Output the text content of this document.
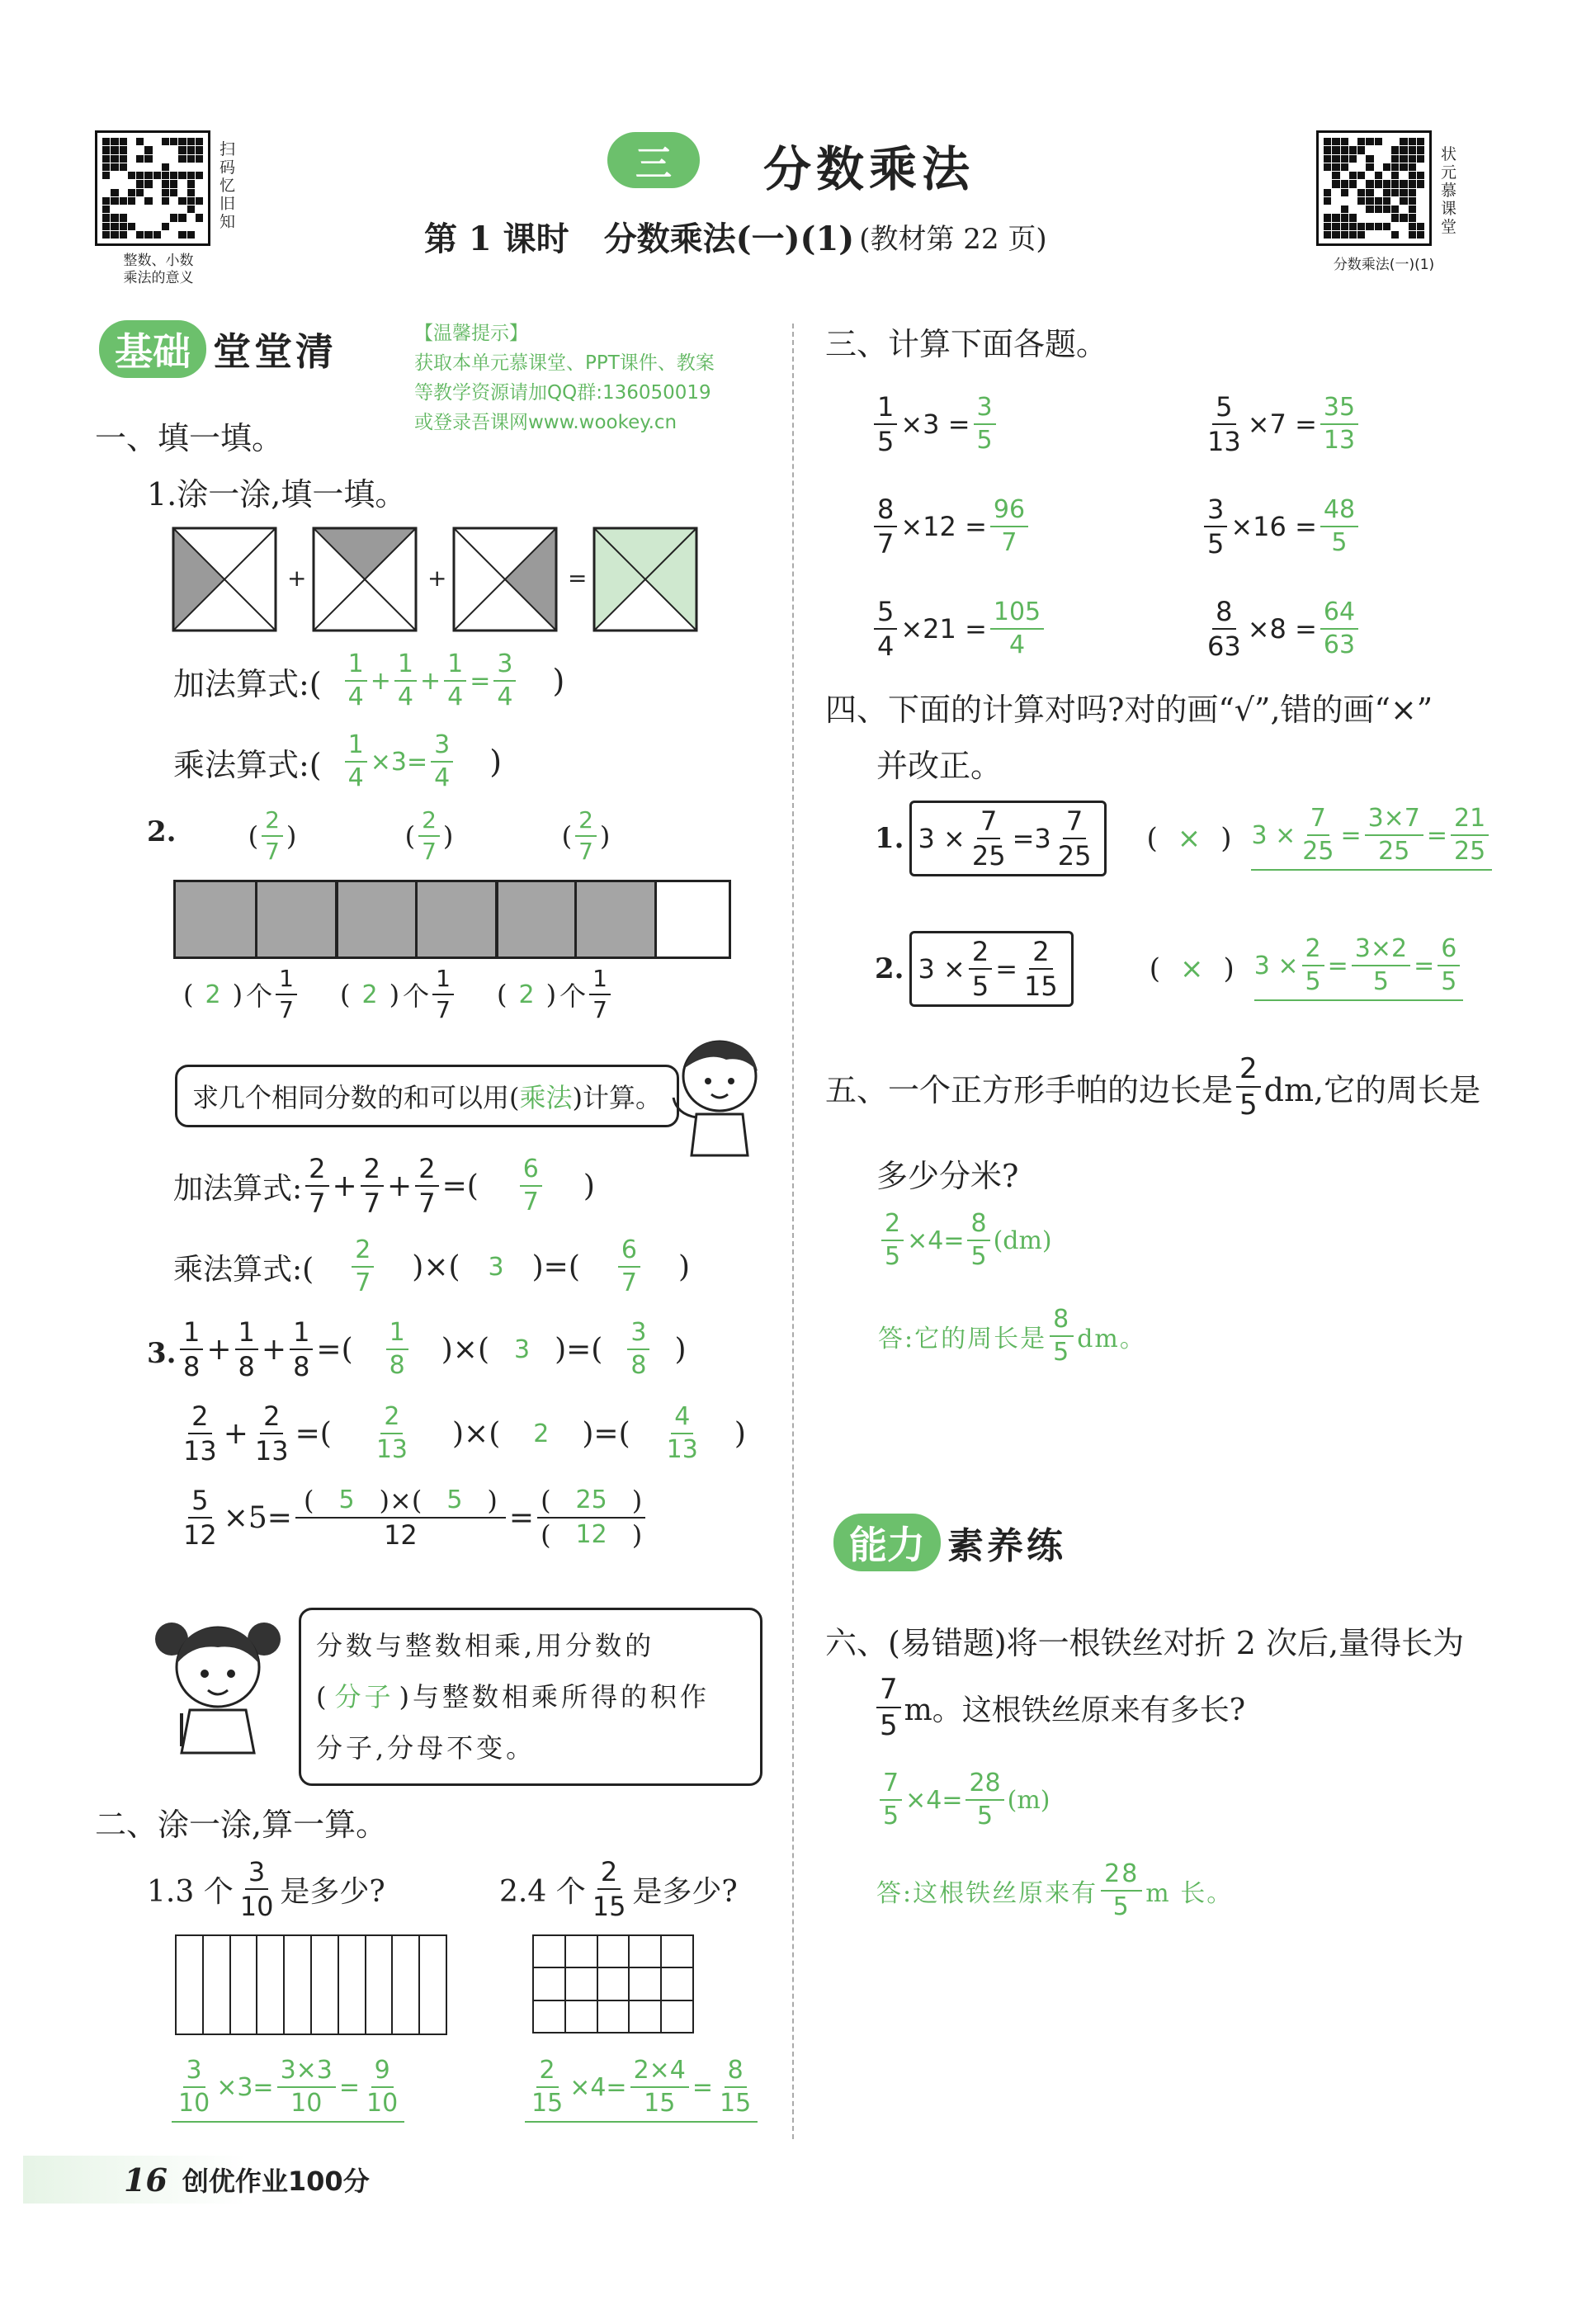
扫码忆旧知
整数、小数
乘法的意义
三	分数乘法
第 1 课时 分数乘法(一)(1) (教材第 22 页)
状元慕课堂
分数乘法(一)(1)
基础 堂堂清	【温馨提示】
获取本单元慕课堂、PPT课件、教案
等教学资源请加QQ群:136050019
或登录吾课网www.wookey.cn
一、填一填。
1.涂一涂,填一填。
+	+	=
加法算式:( $\frac{1}{4} + \frac{1}{4} + \frac{1}{4} = \frac{3}{4}$ )
乘法算式:( $\frac{1}{4} \times 3= \frac{3}{4}$ )
2.	( $\frac{2}{7}$ )	( $\frac{2}{7}$ )	( $\frac{2}{7}$ )
( 2 ) 个 $\frac{1}{7}$ ( 2 ) 个 $\frac{1}{7}$ ( 2 ) 个 $\frac{1}{7}$
求几个相同分数的和可以用( 乘法 )计算。
加法算式: $\frac{2}{7} + \frac{2}{7} + \frac{2}{7}$ =( $\frac{6}{7}$ )
乘法算式:( $\frac{2}{7}$ )×( 3 )=( $\frac{6}{7}$ )
3. $\frac{1}{8} + \frac{1}{8} + \frac{1}{8}$ =( $\frac{1}{8}$ )×( 3 )=( $\frac{3}{8}$ )
$\frac{2}{13} + \frac{2}{13}$ =( $\frac{2}{13}$ )×( 2 )=( $\frac{4}{13}$ )
$\frac{5}{12} \times 5= \frac{( 5 )\times( 5 )}{12} = \frac{( 25 )}{( 12 )}$
分数与整数相乘,用分数的
( 分子 )与整数相乘所得的积作
分子,分母不变。
二、涂一涂,算一算。
1.3 个 $\frac{3}{10}$ 是多少?	2.4 个 $\frac{2}{15}$ 是多少?

$\frac{3}{10} \times 3= \frac{3\times 3}{10} = \frac{9}{10}$	$\frac{2}{15} \times 4= \frac{2\times 4}{15} = \frac{8}{15}$
16 创优作业100分
三、计算下面各题。
$\frac{1}{5} \times 3 = \frac{3}{5}$	$\frac{5}{13} \times 7 = \frac{35}{13}$
$\frac{8}{7} \times 12 = \frac{96}{7}$	$\frac{3}{5} \times 16 = \frac{48}{5}$
$\frac{5}{4} \times 21 = \frac{105}{4}$	$\frac{8}{63} \times 8 = \frac{64}{63}$
四、下面的计算对吗?对的画“√”,错的画“×”
并改正。
1. $3 \times \frac{7}{25} =3 \frac{7}{25}$ ( × ) $3 \times \frac{7}{25} = \frac{3\times 7}{25} = \frac{21}{25}$
2. $3 \times \frac{2}{5} = \frac{2}{15}$	( × ) $3 \times \frac{2}{5} = \frac{3\times 2}{5} = \frac{6}{5}$
五、一个正方形手帕的边长是 $\frac{2}{5}$ dm,它的周长是
多少分米?
$\frac{2}{5} \times 4= \frac{8}{5} (dm)$
答:它的周长是 $\frac{8}{5}$ dm。
能力 素养练
六、(易错题)将一根铁丝对折 2 次后,量得长为
$\frac{7}{5}$ m。这根铁丝原来有多长?
$\frac{7}{5} \times 4= \frac{28}{5} (m)$
答:这根铁丝原来有 $\frac{28}{5}$ m 长。
